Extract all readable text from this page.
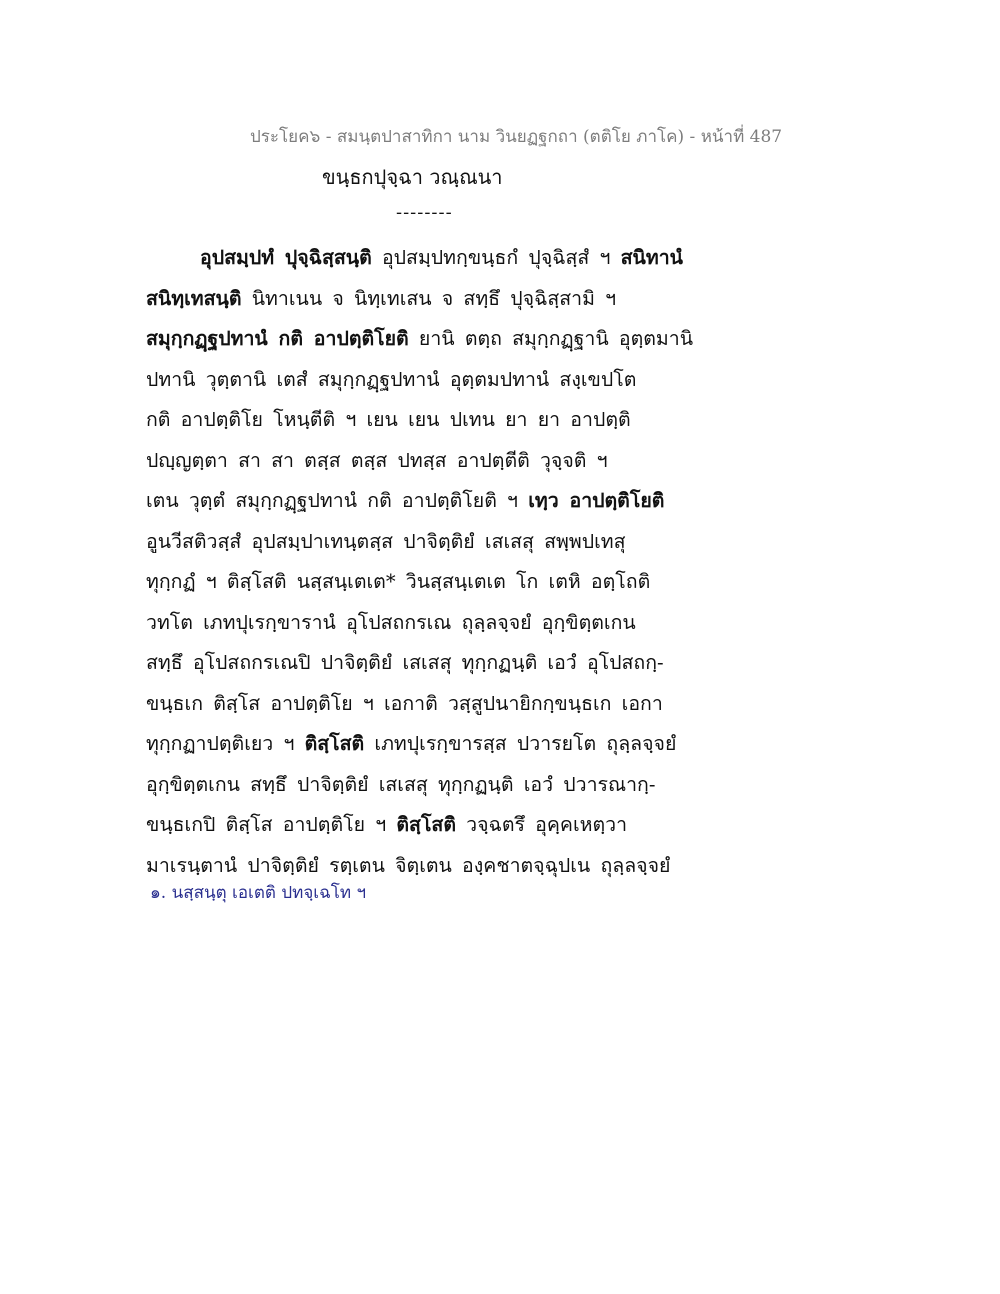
ประโยค๖ - สมนฺตปาสาทิกา นาม วินยฏฐกถา (ตติโย ภาโค) - หน้าที่ 487
ขนฺธกปุจฺฉา วณฺณนา
--------
อุปสมฺปทํ ปุจฺฉิสฺสนฺติ อุปสมฺปทกฺขนฺธกํ ปุจฺฉิสฺสํ ฯ สนิทานํ
สนิทฺเทสนฺติ นิทาเนน จ นิทฺเทเสน จ สทฺธึ ปุจฺฉิสฺสามิ ฯ
สมุกฺกฏฺฐปทานํ กติ อาปตฺติโยติ ยานิ ตตฺถ สมุกฺกฏฺฐานิ อุตฺตมานิ
ปทานิ วุตฺตานิ เตสํ สมุกฺกฏฺฐปทานํ อุตฺตมปทานํ สงฺเขปโต
กติ อาปตฺติโย โหนฺตีติ ฯ เยน เยน ปเทน ยา ยา อาปตฺติ
ปญฺญตฺตา สา สา ตสฺส ตสฺส ปทสฺส อาปตฺตีติ วุจฺจติ ฯ
เตน วุตฺตํ สมุกฺกฏฺฐปทานํ กติ อาปตฺติโยติ ฯ เทฺว อาปตฺติโยติ
อูนวีสติวสฺสํ อุปสมฺปาเทนฺตสฺส ปาจิตฺติยํ เสเสสุ สพฺพปเทสุ
ทุกฺกฏํ ฯ ติสฺโสติ นสฺสนฺเตเต* วินสฺสนฺเตเต โก เตหิ อตฺโถติ
วทโต เภทปุเรกฺขารานํ อุโปสถกรเณ ถุลฺลจฺจยํ อุกฺขิตฺตเกน
สทฺธึ อุโปสถกรเณปิ ปาจิตฺติยํ เสเสสุ ทุกฺกฏนฺติ เอวํ อุโปสถกฺ-
ขนฺธเก ติสฺโส อาปตฺติโย ฯ เอกาติ วสฺสูปนายิกกฺขนฺธเก เอกา
ทุกฺกฏาปตฺติเยว ฯ ติสฺโสติ เภทปุเรกฺขารสฺส ปวารยโต ถุลฺลจฺจยํ
อุกฺขิตฺตเกน สทฺธึ ปาจิตฺติยํ เสเสสุ ทุกฺกฏนฺติ เอวํ ปวารณากฺ-
ขนฺธเกปิ ติสฺโส อาปตฺติโย ฯ ติสฺโสติ วจฺฉตรึ อุคฺคเหตฺวา
มาเรนฺตานํ ปาจิตฺติยํ รตฺเตน จิตฺเตน องฺคชาตจฺฉุปเน ถุลฺลจฺจยํ
๑. นสฺสนฺตุ เอเตติ ปทจฺเฉโท ฯ
